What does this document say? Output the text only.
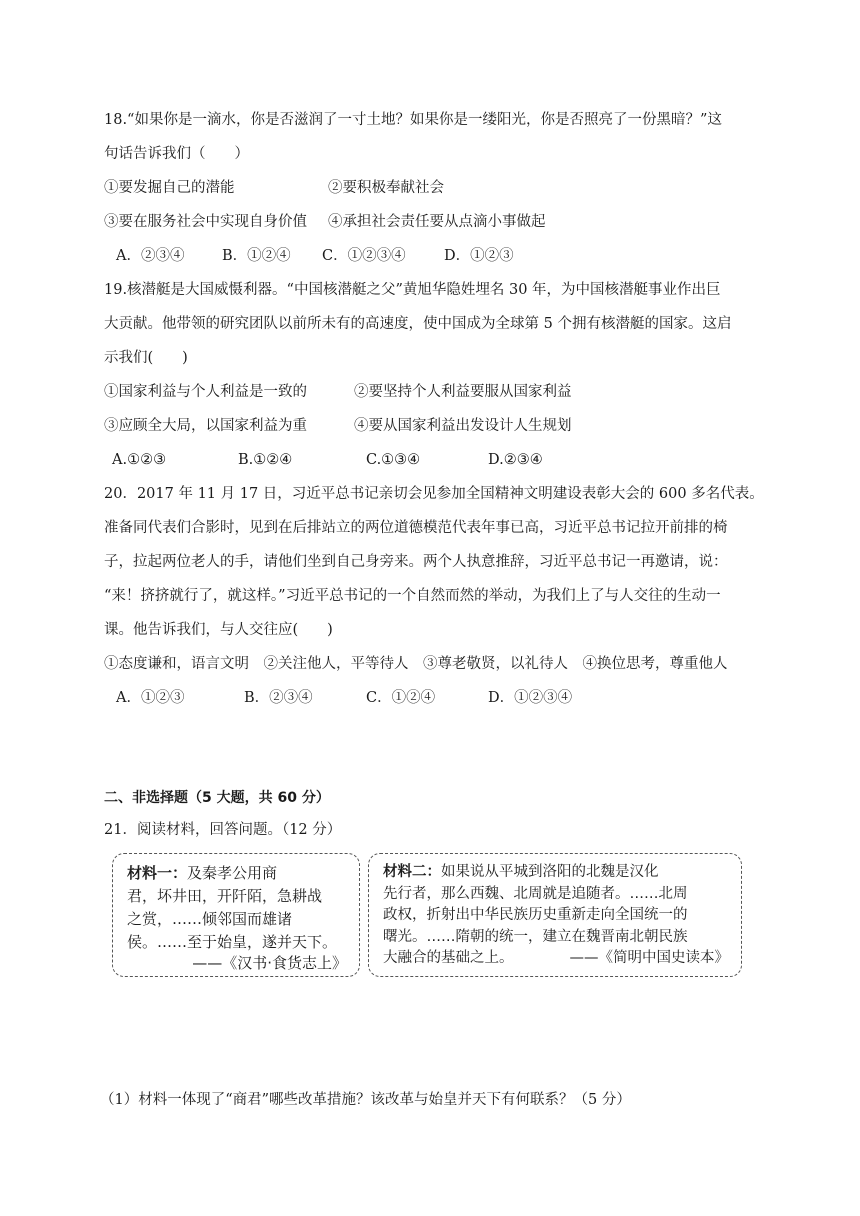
18.“如果你是一滴水，你是否滋润了一寸土地？如果你是一缕阳光，你是否照亮了一份黑暗？”这
句话告诉我们（　　）
①要发掘自己的潜能	②要积极奉献社会
③要在服务社会中实现自身价值 ④承担社会责任要从点滴小事做起
A．②③④	B．①②④ C．①②③④	D．①②③
19.核潜艇是大国威慑利器。“中国核潜艇之父”黄旭华隐姓埋名 30 年，为中国核潜艇事业作出巨
大贡献。他带领的研究团队以前所未有的高速度，使中国成为全球第 5 个拥有核潜艇的国家。这启
示我们(　　)
①国家利益与个人利益是一致的	②要坚持个人利益要服从国家利益
③应顾全大局，以国家利益为重	④要从国家利益出发设计人生规划
A.①②③	B.①②④	C.①③④	D.②③④
20．2017 年 11 月 17 日，习近平总书记亲切会见参加全国精神文明建设表彰大会的 600 多名代表。
准备同代表们合影时，见到在后排站立的两位道德模范代表年事已高，习近平总书记拉开前排的椅
子，拉起两位老人的手，请他们坐到自己身旁来。两个人执意推辞，习近平总书记一再邀请，说：
“来！挤挤就行了，就这样。”习近平总书记的一个自然而然的举动，为我们上了与人交往的生动一
课。他告诉我们，与人交往应(　　)
①态度谦和，语言文明　②关注他人，平等待人　③尊老敬贤，以礼待人　④换位思考，尊重他人
A．①②③	B．②③④	C．①②④	D．①②③④
二、非选择题（5 大题，共 60 分）
21．阅读材料，回答问题。（12 分）
材料一：及秦孝公用商
君，坏井田，开阡陌，急耕战
之赏，……倾邻国而雄诸
侯。……至于始皇，遂并天下。
——《汉书·食货志上》
材料二：如果说从平城到洛阳的北魏是汉化
先行者，那么西魏、北周就是追随者。……北周
政权，折射出中华民族历史重新走向全国统一的
曙光。……隋朝的统一，建立在魏晋南北朝民族
大融合的基础之上。	——《简明中国史读本》
（1）材料一体现了“商君”哪些改革措施？该改革与始皇并天下有何联系？（5 分）
